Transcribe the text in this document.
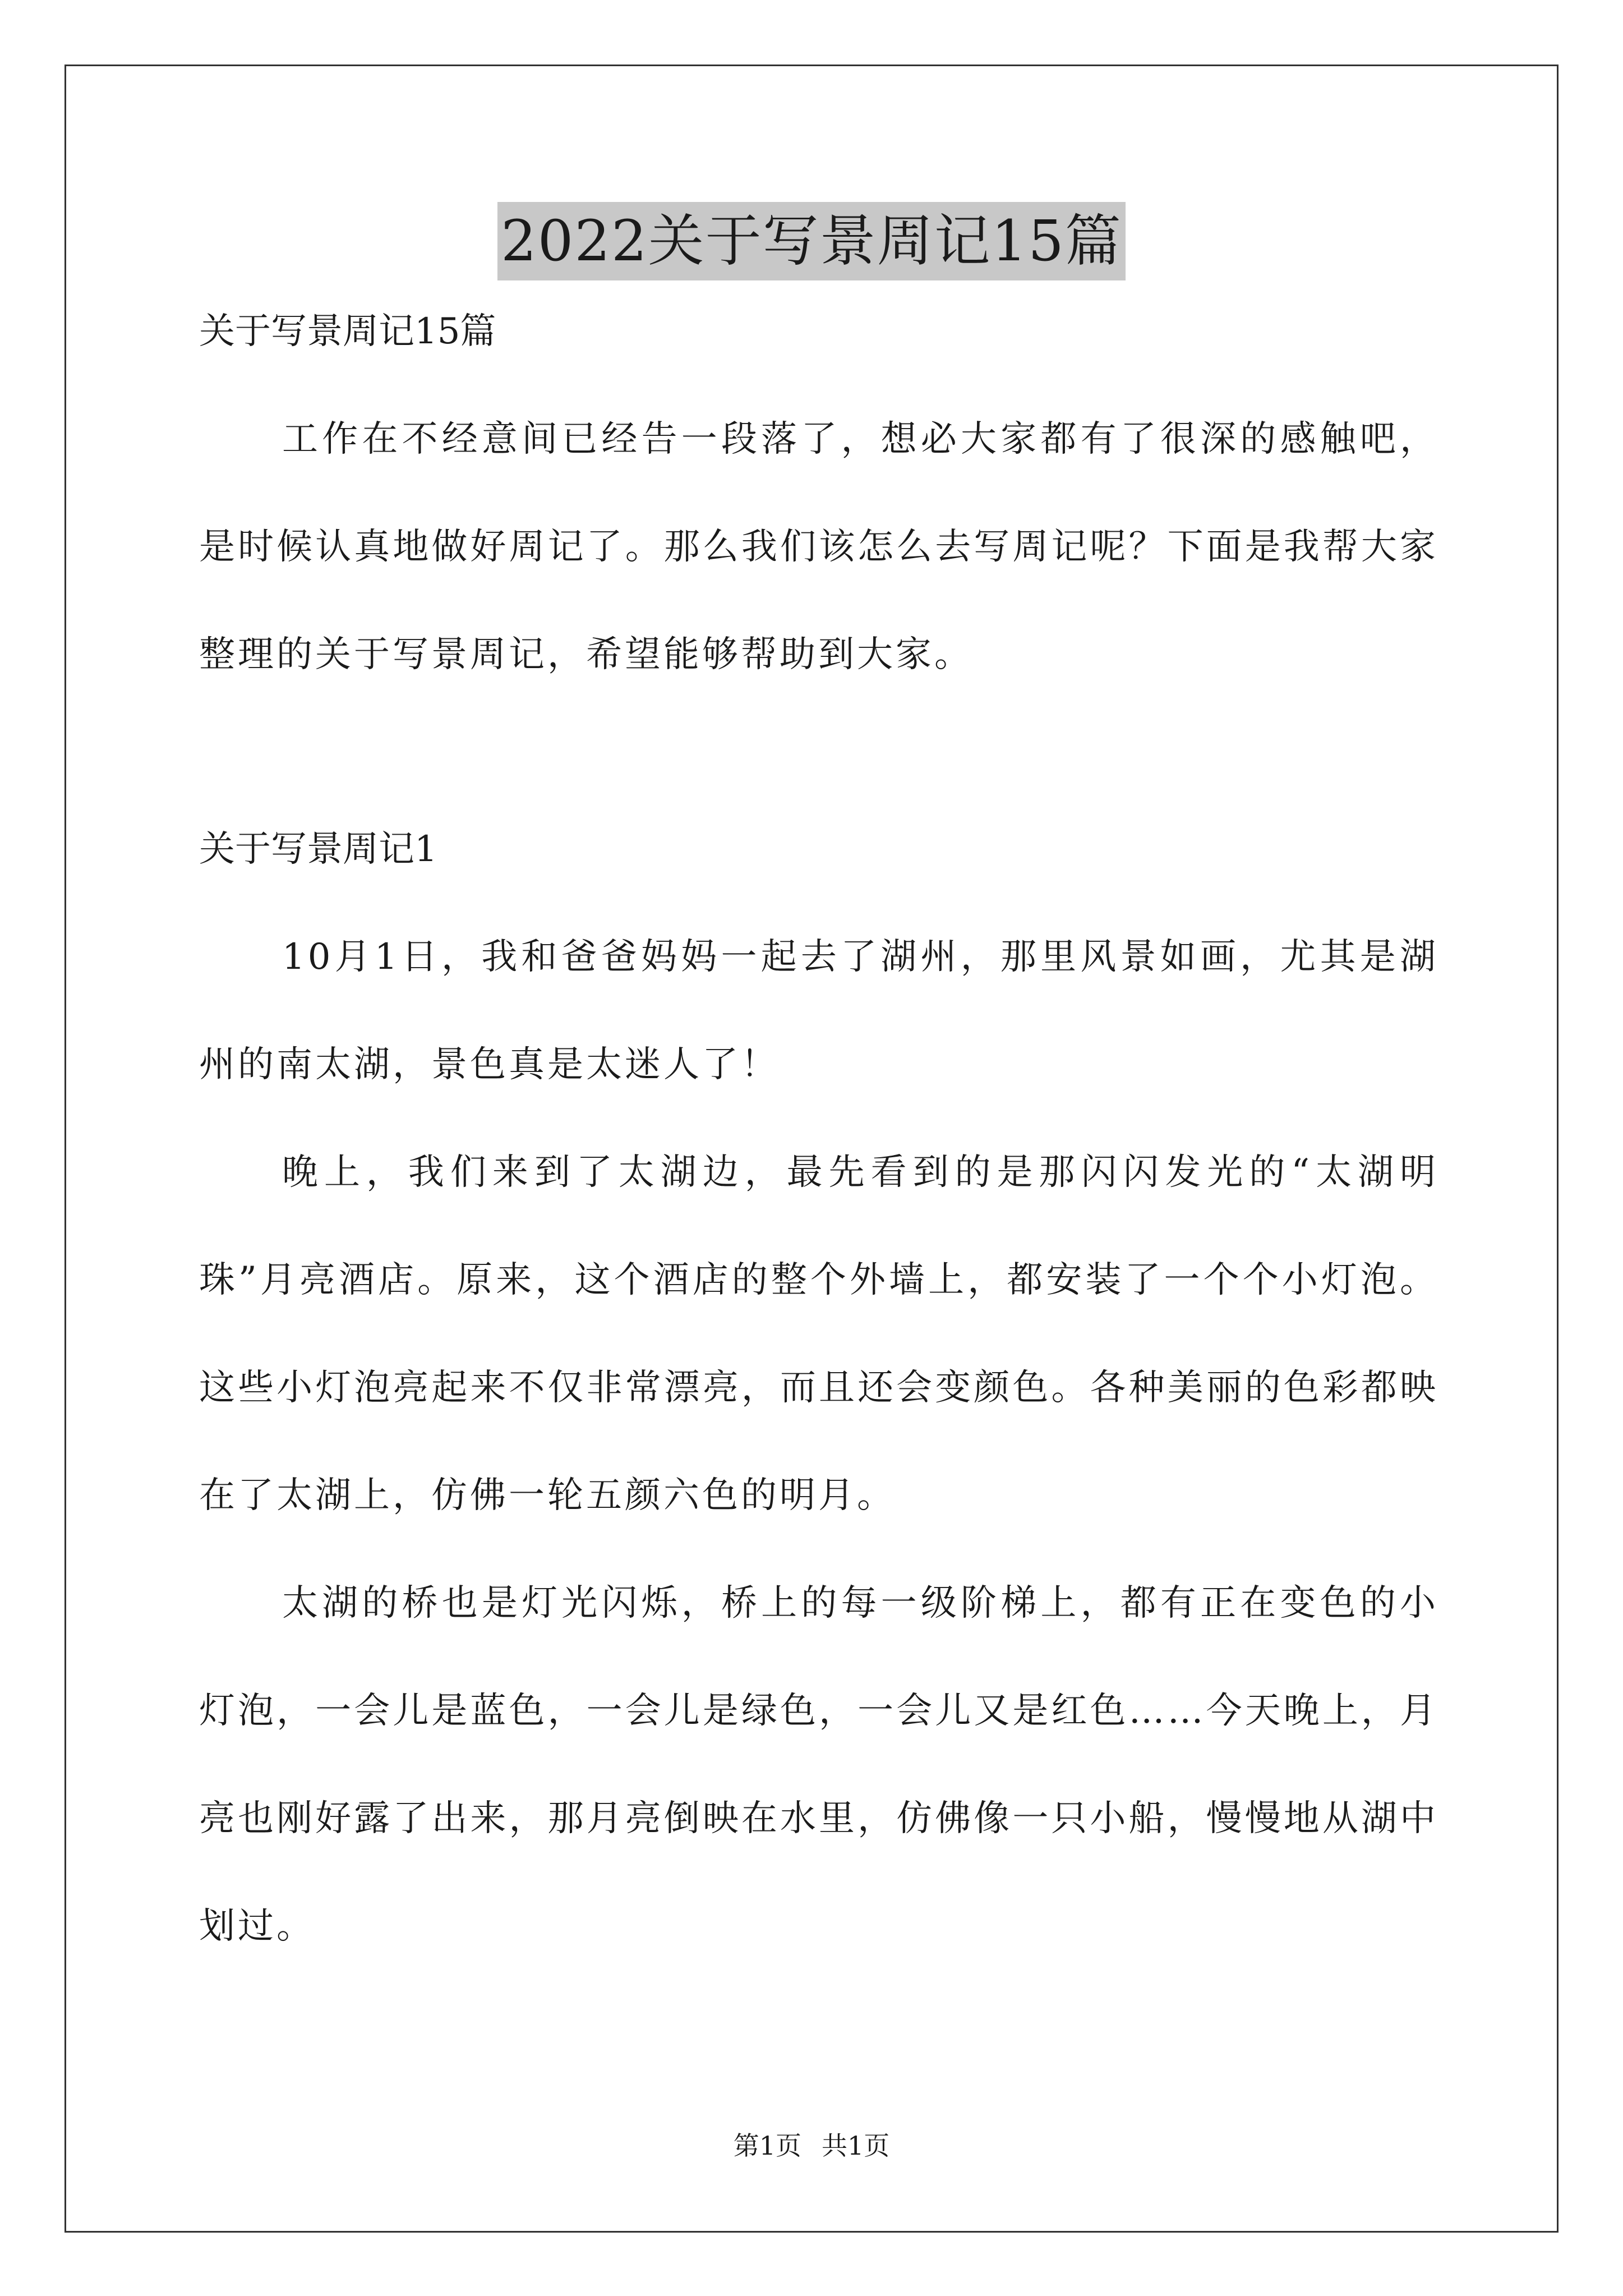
2022关于写景周记15篇

关于写景周记15篇

工作在不经意间已经告一段落了，想必大家都有了很深的感触吧，是时候认真地做好周记了。那么我们该怎么去写周记呢？下面是我帮大家整理的关于写景周记，希望能够帮助到大家。

关于写景周记1

10月1日，我和爸爸妈妈一起去了湖州，那里风景如画，尤其是湖州的南太湖，景色真是太迷人了！

晚上，我们来到了太湖边，最先看到的是那闪闪发光的“太湖明珠”月亮酒店。原来，这个酒店的整个外墙上，都安装了一个个小灯泡。这些小灯泡亮起来不仅非常漂亮，而且还会变颜色。各种美丽的色彩都映在了太湖上，仿佛一轮五颜六色的明月。

太湖的桥也是灯光闪烁，桥上的每一级阶梯上，都有正在变色的小灯泡，一会儿是蓝色，一会儿是绿色，一会儿又是红色……今天晚上，月亮也刚好露了出来，那月亮倒映在水里，仿佛像一只小船，慢慢地从湖中划过。

第1页 共1页
